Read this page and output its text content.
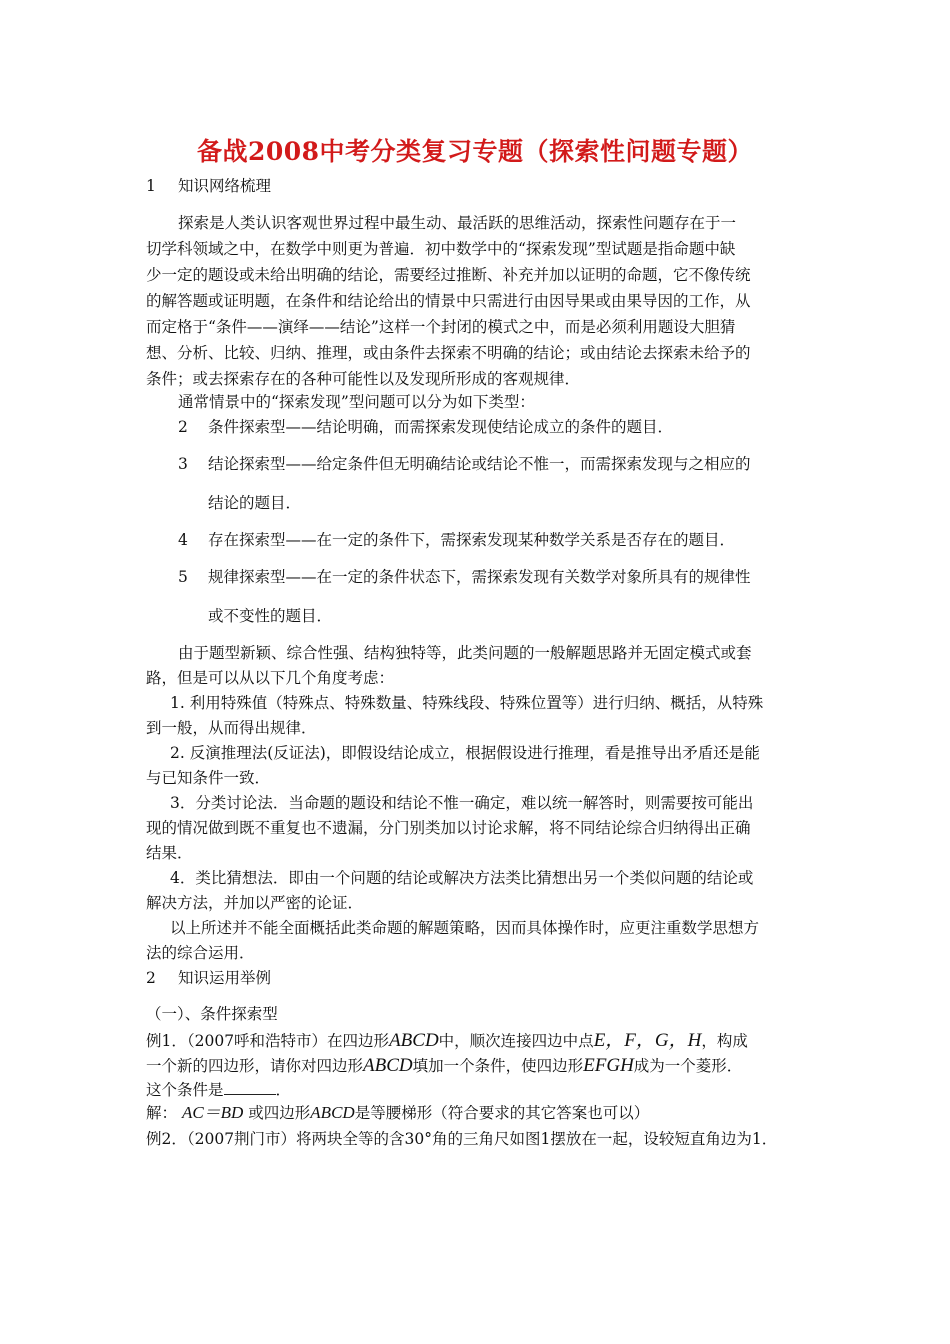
备战2008中考分类复习专题（探索性问题专题）
1 知识网络梳理
探索是人类认识客观世界过程中最生动、最活跃的思维活动，探索性问题存在于一
切学科领域之中，在数学中则更为普遍．初中数学中的“探索发现”型试题是指命题中缺
少一定的题设或未给出明确的结论，需要经过推断、补充并加以证明的命题，它不像传统
的解答题或证明题，在条件和结论给出的情景中只需进行由因导果或由果导因的工作，从
而定格于“条件——演绎——结论”这样一个封闭的模式之中，而是必须利用题设大胆猜
想、分析、比较、归纳、推理，或由条件去探索不明确的结论；或由结论去探索未给予的
条件；或去探索存在的各种可能性以及发现所形成的客观规律．
通常情景中的“探索发现”型问题可以分为如下类型：
2 条件探索型——结论明确，而需探索发现使结论成立的条件的题目．
3 结论探索型——给定条件但无明确结论或结论不惟一，而需探索发现与之相应的
结论的题目．
4 存在探索型——在一定的条件下，需探索发现某种数学关系是否存在的题目．
5 规律探索型——在一定的条件状态下，需探索发现有关数学对象所具有的规律性
或不变性的题目．
由于题型新颖、综合性强、结构独特等，此类问题的一般解题思路并无固定模式或套
路，但是可以从以下几个角度考虑：
1. 利用特殊值（特殊点、特殊数量、特殊线段、特殊位置等）进行归纳、概括，从特殊
到一般，从而得出规律．
2. 反演推理法(反证法)，即假设结论成立，根据假设进行推理，看是推导出矛盾还是能
与已知条件一致．
3．分类讨论法．当命题的题设和结论不惟一确定，难以统一解答时，则需要按可能出
现的情况做到既不重复也不遗漏，分门别类加以讨论求解，将不同结论综合归纳得出正确
结果．
4．类比猜想法．即由一个问题的结论或解决方法类比猜想出另一个类似问题的结论或
解决方法，并加以严密的论证．
以上所述并不能全面概括此类命题的解题策略，因而具体操作时，应更注重数学思想方
法的综合运用．
2 知识运用举例
（一）、条件探索型
例1．（2007呼和浩特市）在四边形ABCD中，顺次连接四边中点E，F，G，H，构成
一个新的四边形，请你对四边形ABCD填加一个条件，使四边形EFGH成为一个菱形．
这个条件是	．
解： AC＝BD 或四边形ABCD是等腰梯形（符合要求的其它答案也可以）
例2．（2007荆门市）将两块全等的含30°角的三角尺如图1摆放在一起，设较短直角边为1．
